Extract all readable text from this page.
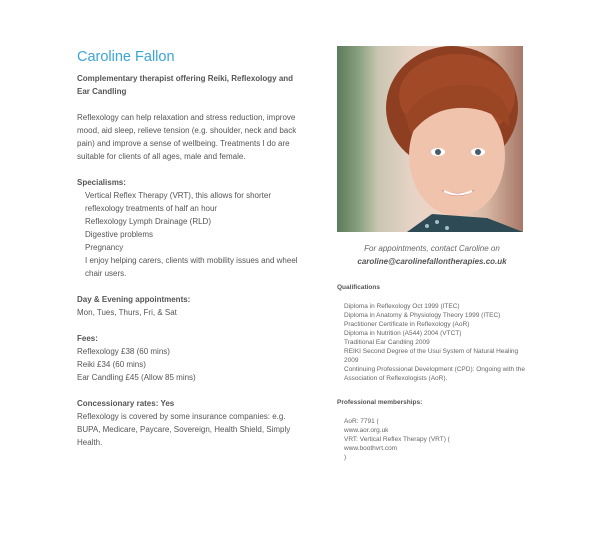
Caroline Fallon

Complementary therapist offering Reiki, Reflexology and Ear Candling

Reflexology can help relaxation and stress reduction, improve mood, aid sleep, relieve tension (e.g. shoulder, neck and back pain) and improve a sense of wellbeing. Treatments I do are suitable for clients of all ages, male and female.

Specialisms:

Vertical Reflex Therapy (VRT), this allows for shorter reflexology treatments of half an hour
Reflexology Lymph Drainage (RLD)
Digestive problems
Pregnancy
I enjoy helping carers, clients with mobility issues and wheel chair users.

Day & Evening appointments:

Mon, Tues, Thurs, Fri, & Sat

Fees:

Reflexology £38 (60 mins)

Reiki £34 (60 mins)

Ear Candling £45 (Allow 85 mins)

Concessionary rates: Yes

Reflexology is covered by some insurance companies: e.g. BUPA, Medicare, Paycare, Sovereign, Health Shield, Simply Health.

For appointments, contact Caroline on

caroline@carolinefallontherapies.co.uk

Qualifications

Diploma in Reflexology Oct 1999 (ITEC)
Diploma in Anatomy & Physiology Theory 1999 (ITEC)
Practitioner Certificate in Reflexology (AoR)
Diploma in Nutrition (A544) 2004 (VTCT)
Traditional Ear Candling 2009
REIKI Second Degree of the Usui System of Natural Healing 2009
Continuing Professional Development (CPD): Ongoing with the Association of Reflexologists (AoR).

Professional memberships:

AoR: 7791 (
www.aor.org.uk
VRT: Vertical Reflex Therapy (VRT) (
www.boothvrt.com
)
